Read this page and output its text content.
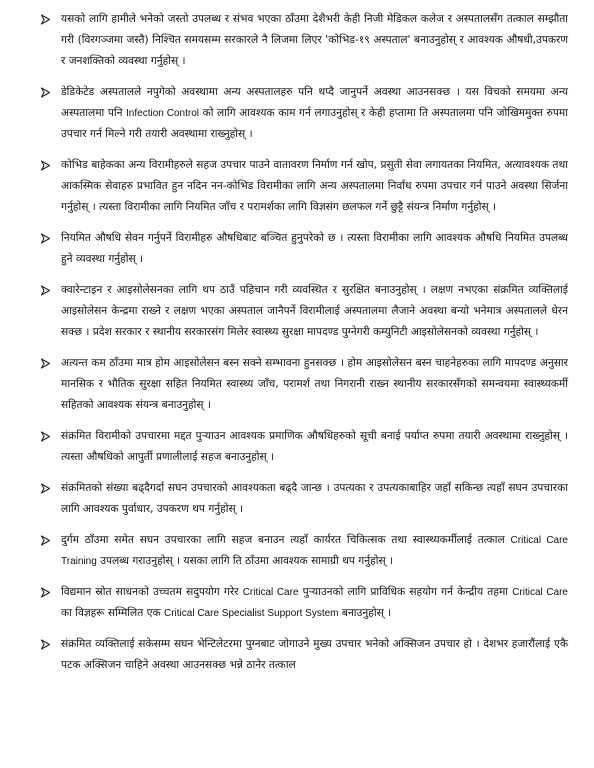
यसको लागि हामीले भनेको जस्तो उपलब्ध र संभव भएका ठाँउमा देशैभरी केही निजी मेडिकल कलेज र अस्पतालसँग तत्काल सम्झौता गरी (विरगञ्जमा जस्तै) निश्चित समयसम्म सरकारले नै लिजमा लिएर 'कोभिड-१९ अस्पताल' बनाउनुहोस् र आवश्यक औषधी,उपकरण र जनशक्तिको व्यवस्था गर्नुहोस् ।
डेडिकेटेड अस्पतालले नपुगेको अवस्थामा अन्य अस्पतालहरु पनि थप्दै जानुपर्ने अवस्था आउनसक्छ । यस विचको समयमा अन्य अस्पतालमा पनि Infection Control को लागि आवश्यक काम गर्न लगाउनुहोस् र केही हप्तामा ति अस्पतालमा पनि जोखिममुक्त रुपमा उपचार गर्न मिल्ने गरी तयारी अवस्थामा राख्नुहोस् ।
कोभिड बाहेकका अन्य विरामीहरुले सहज उपचार पाउने वातावरण निर्माण गर्न खोप, प्रसुती सेवा लगायतका नियमित, अत्यावश्यक तथा आकस्मिक सेवाहरु प्रभावित हुन नदिन नन-कोभिड विरामीका लागि अन्य अस्पतालमा निर्वाध रुपमा उपचार गर्न पाउने अवस्था सिर्जना गर्नुहोस् । त्यस्ता विरामीका लागि नियमित जाँच र परामर्शका लागि विज्ञसंग छलफल गर्ने छुट्टै संयन्त्र निर्माण गर्नुहोस् ।
नियमित औषधि सेवन गर्नुपर्ने विरामीहरु औषधिबाट बञ्चित हुनुपरेको छ । त्यस्ता विरामीका लागि आवश्यक औषधि नियमित उपलब्ध हुने व्यवस्था गर्नुहोस् ।
क्वारेन्टाइन र आइसोलेसनका लागि थप ठाउँ पहिचान गरी व्यवस्थित र सुरक्षित बनाउनुहोस् । लक्षण नभएका संक्रमित व्यक्तिलाई आइसोलेसन केन्द्रमा राख्ने र लक्षण भएका अस्पताल जानैपर्ने विरामीलाई अस्पतालमा लैजाने अवस्था बन्यो भनेमात्र अस्पतालले धेरन सक्छ । प्रदेश सरकार र स्थानीय सरकारसंग मिलेर स्वास्थ्य सुरक्षा मापदण्ड पुग्नेगरी कम्युनिटी आइसोलेसनको व्यवस्था गर्नुहोस् ।
अत्यन्त कम ठाँउमा मात्र होम आइसोलेसन बस्न सक्ने सम्भावना हुनसक्छ । होम आइसोलेसन बस्न चाहनेहरुका लागि मापदण्ड अनुसार मानसिक र भौतिक सुरक्षा सहित नियमित स्वास्थ्य जाँच, परामर्श तथा निगरानी राख्न स्थानीय सरकारसँगको समन्वयमा स्वास्थ्यकर्मी सहितको आवश्यक संयन्त्र बनाउनुहोस् ।
संक्रमित विरामीको उपचारमा मद्दत पुर्‍याउन आवश्यक प्रमाणिक औषधिहरुको सूची बनाई पर्याप्त रुपमा तयारी अवस्थामा राख्नुहोस् । त्यस्ता औषधिको आपुर्ती प्रणालीलाई सहज बनाउनुहोस् ।
संक्रमितको संख्या बढ्दैगर्दा सघन उपचारको आवश्यकता बढ्दै जान्छ । उपत्यका र उपत्यकाबाहिर जहाँ सकिन्छ त्यहाँ सघन उपचारका लागि आवश्यक पुर्वाधार, उपकरण थप गर्नुहोस् ।
दुर्गम ठाँउमा समेत सघन उपचारका लागि सहज बनाउन त्यहाँ कार्यरत चिकित्सक तथा स्वास्थ्यकर्मीलाई तत्काल Critical Care Training उपलब्ध गराउनुहोस् । यसका लागि ति ठाँउमा आवश्यक सामाग्री थप गर्नुहोस् ।
विद्यमान स्रोत साधनको उच्चतम सदुपयोग गरेर Critical Care पुऱ्याउनको लागि प्राविधिक सहयोग गर्न केन्द्रीय तहमा Critical Care का विज्ञहरू सम्मिलित एक Critical Care Specialist Support System बनाउनुहोस् ।
संक्रमित व्यक्तिलाई सकेसम्म सघन भेन्टिलेटरमा पुग्नबाट जोगाउने मुख्य उपचार भनेको अक्सिजन उपचार हो । देशभर हजारौंलाई एकै पटक अक्सिजन चाहिने अवस्था आउनसक्छ भन्ने ठानेर तत्काल
